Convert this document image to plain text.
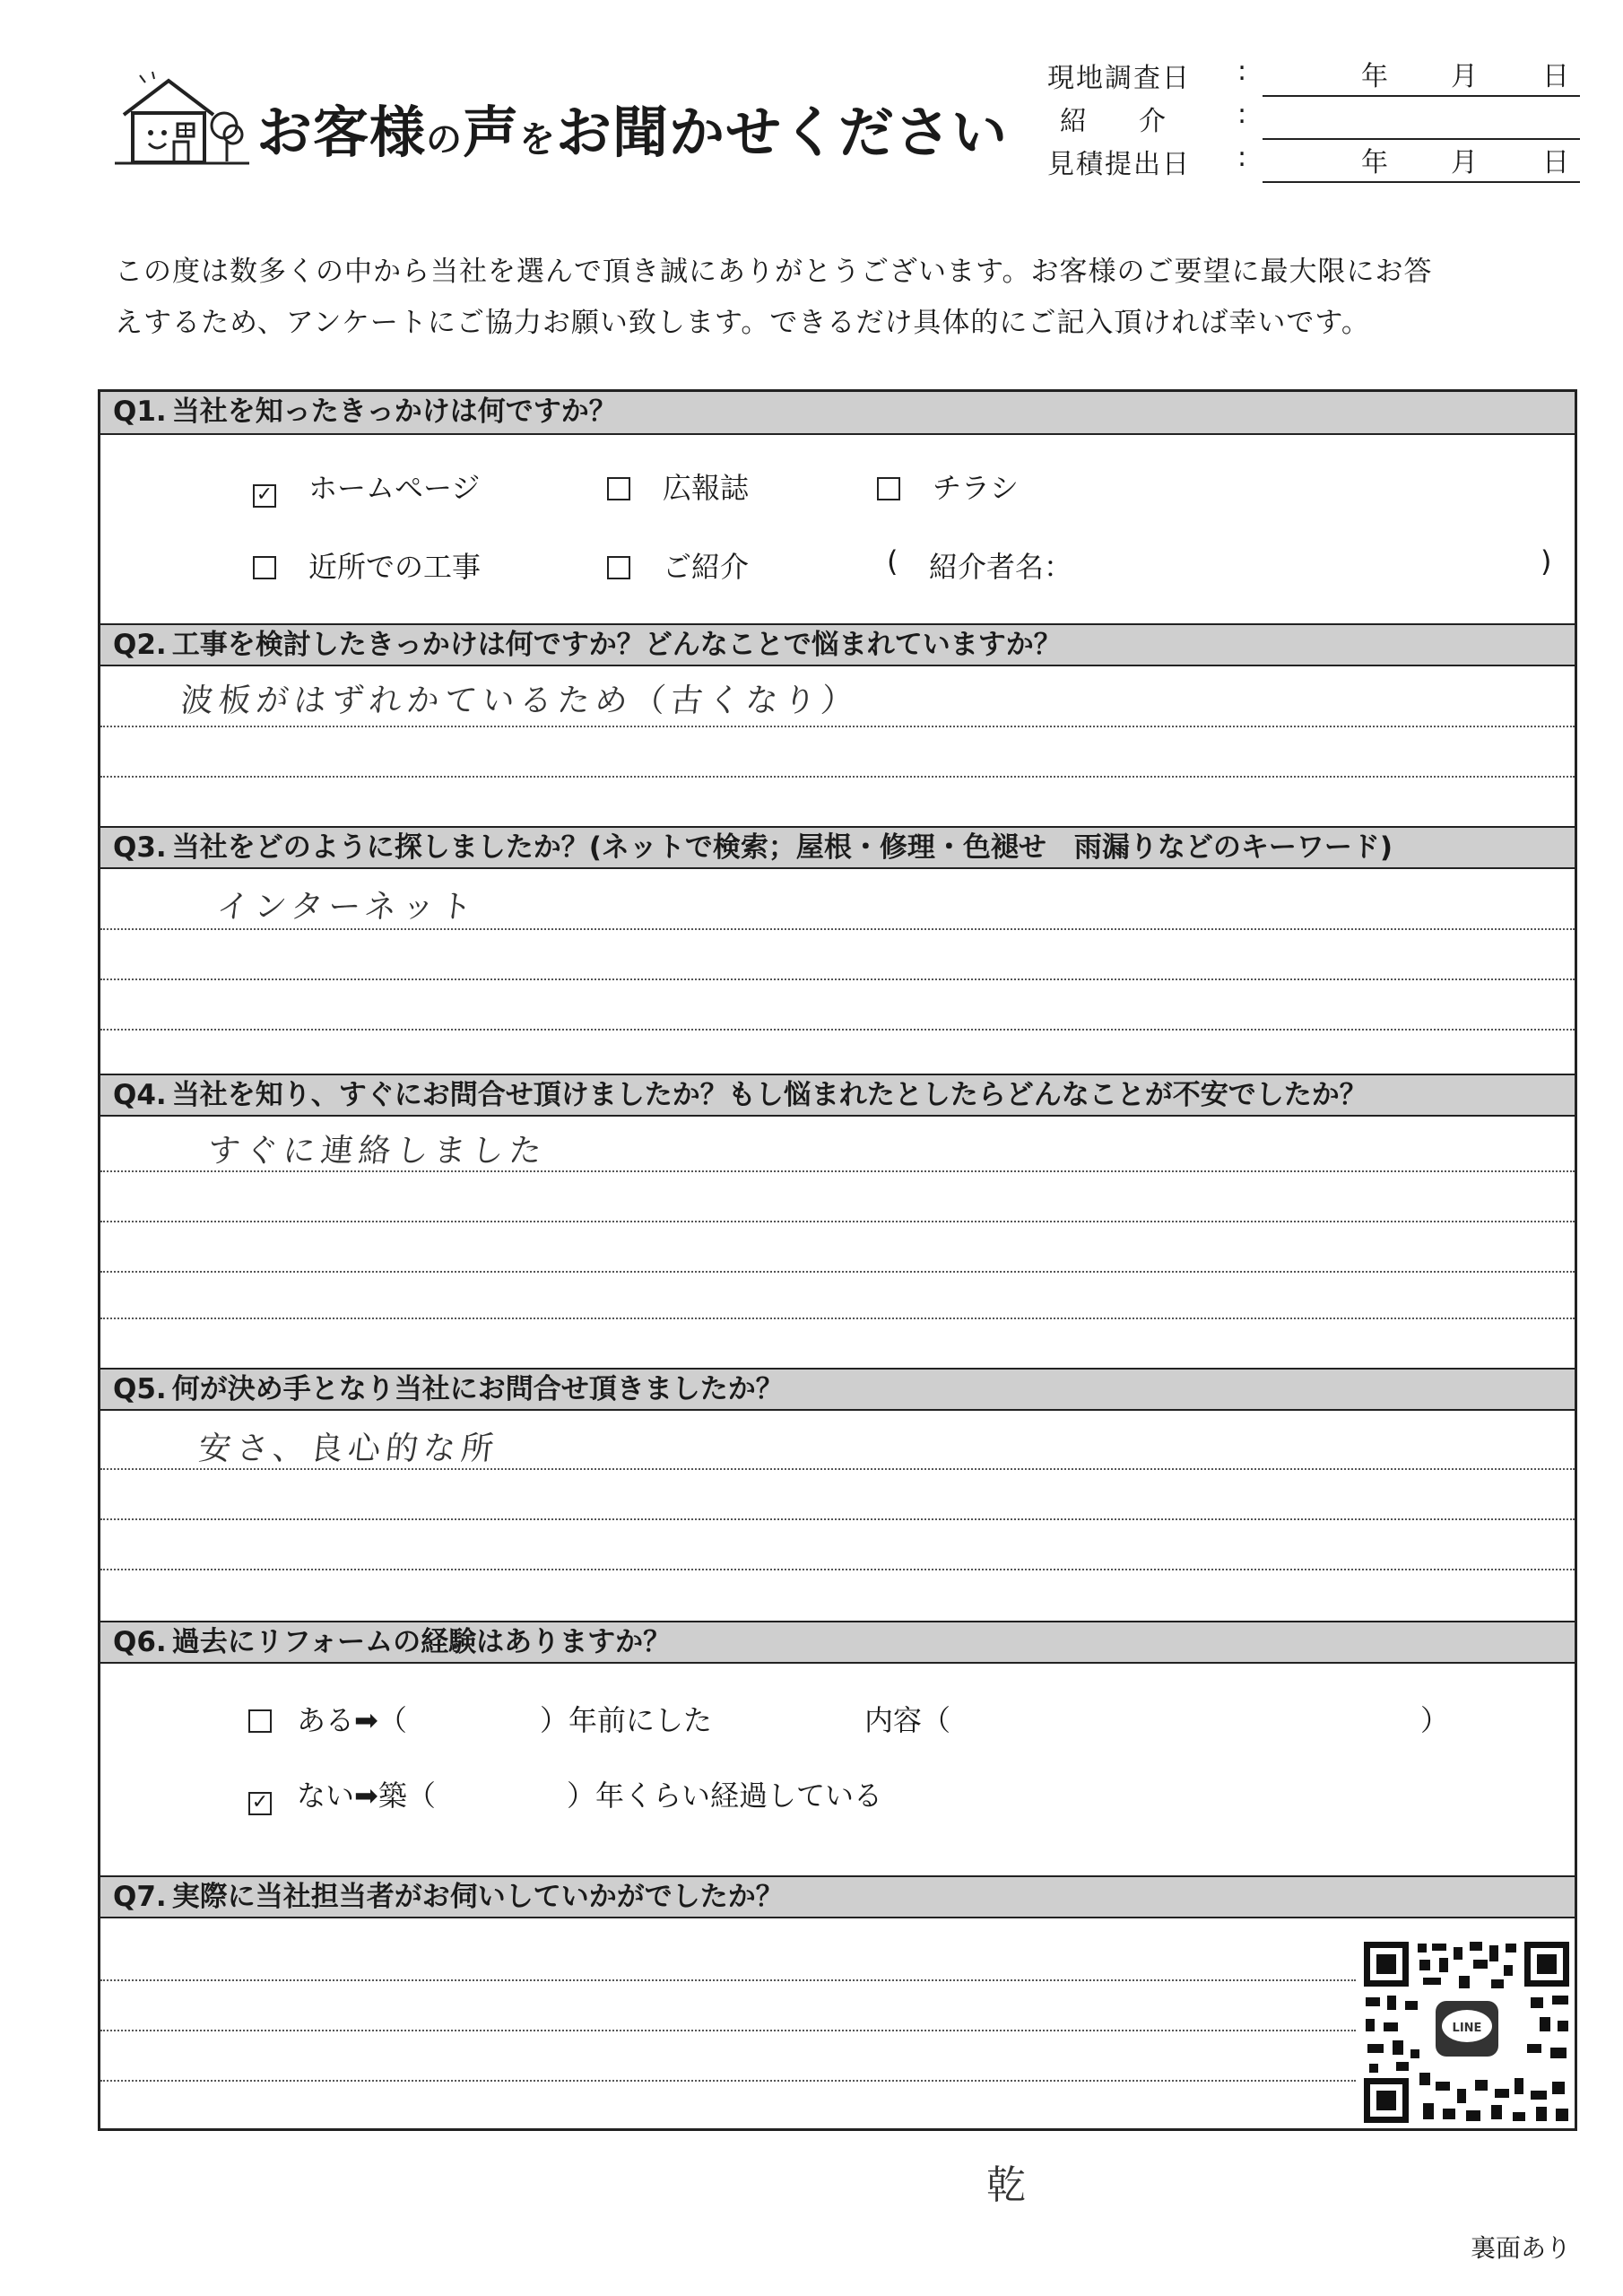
お客様の声をお聞かせください
現地調査日 :	年 月 日
紹　介 :
見積提出日 :	年 月 日
この度は数多くの中から当社を選んで頂き誠にありがとうございます。お客様のご要望に最大限にお答
えするため、アンケートにご協力お願い致します。できるだけ具体的にご記入頂ければ幸いです。
Q1. 当社を知ったきっかけは何ですか？
✓ ホームページ	広報誌	チラシ
近所での工事	ご紹介	( 紹介者名：	)
Q2. 工事を検討したきっかけは何ですか？どんなことで悩まれていますか？
波板がはずれかているため（古くなり）
Q3. 当社をどのように探しましたか？(ネットで検索；屋根・修理・色褪せ　雨漏りなどのキーワード)
インターネット
Q4. 当社を知り、すぐにお問合せ頂けましたか？もし悩まれたとしたらどんなことが不安でしたか？
すぐに連絡しました
Q5. 何が決め手となり当社にお問合せ頂きましたか？
安さ、良心的な所
Q6. 過去にリフォームの経験はありますか？
ある➡（	）年前にした	内容（	）
✓ ない➡築（	）年くらい経過している
Q7. 実際に当社担当者がお伺いしていかがでしたか？
LINE
乾
裏面あり
